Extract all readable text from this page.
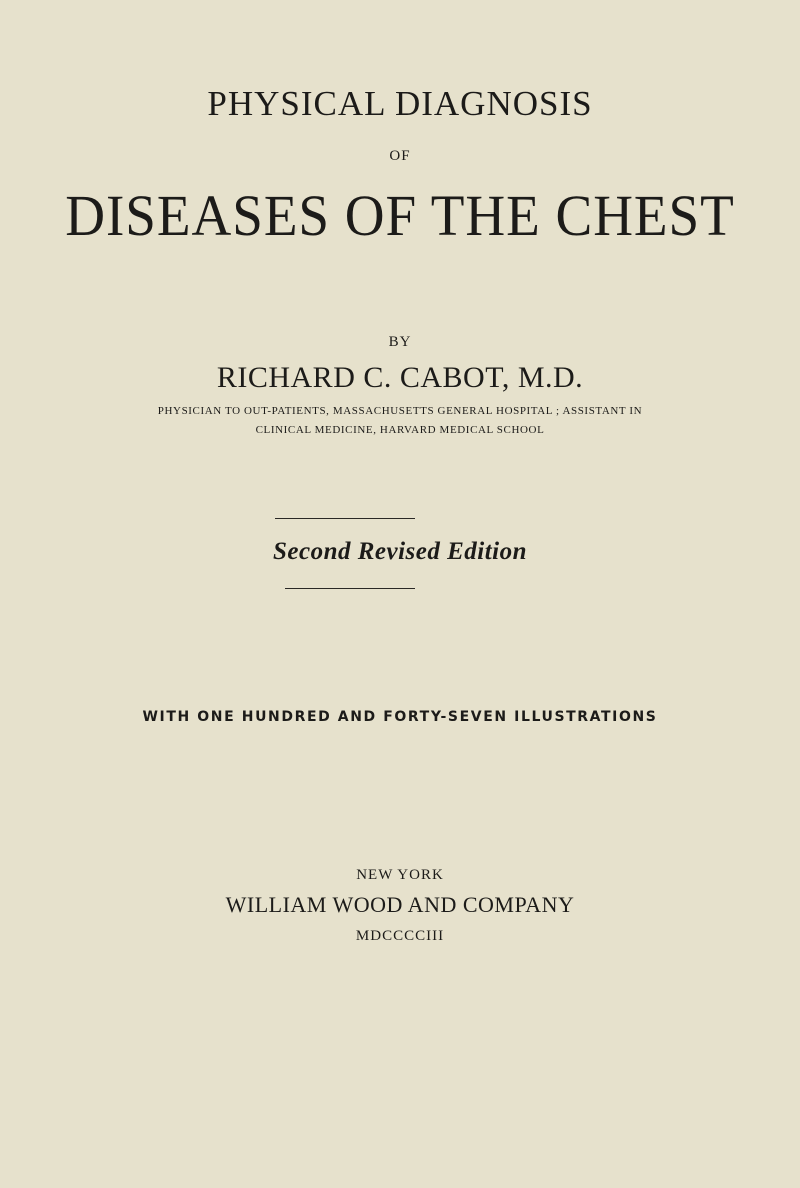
PHYSICAL DIAGNOSIS
OF
DISEASES OF THE CHEST
BY
RICHARD C. CABOT, M.D.
PHYSICIAN TO OUT-PATIENTS, MASSACHUSETTS GENERAL HOSPITAL ; ASSISTANT IN
CLINICAL MEDICINE, HARVARD MEDICAL SCHOOL
Second Revised Edition
WITH ONE HUNDRED AND FORTY-SEVEN ILLUSTRATIONS
NEW YORK
WILLIAM WOOD AND COMPANY
MDCCCCIII
